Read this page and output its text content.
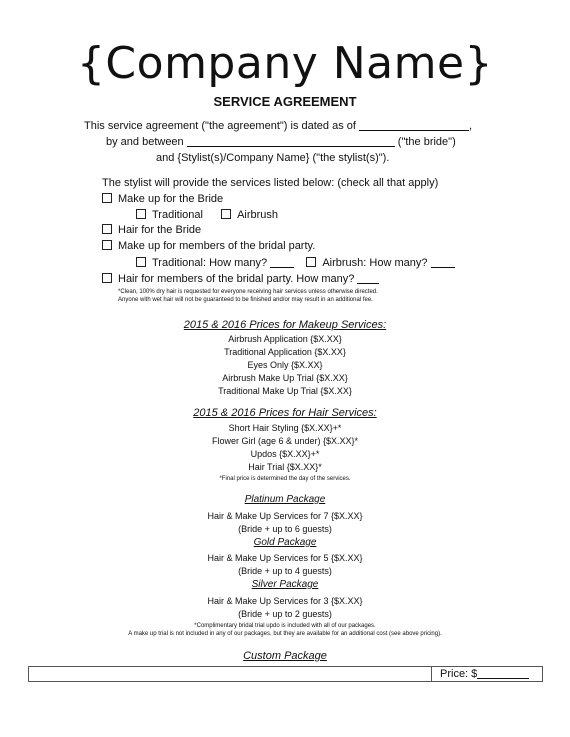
{Company Name}
SERVICE AGREEMENT
This service agreement ("the agreement") is dated as of	,
by and between	("the bride")
and {Stylist(s)/Company Name} ("the stylist(s)").
The stylist will provide the services listed below: (check all that apply)
Make up for the Bride
Traditional	Airbrush
Hair for the Bride
Make up for members of the bridal party.
Traditional: How many?	Airbrush: How many?
Hair for members of the bridal party. How many?
*Clean, 100% dry hair is requested for everyone receiving hair services unless otherwise directed.
Anyone with wet hair will not be guaranteed to be finished and/or may result in an additional fee.
2015 & 2016 Prices for Makeup Services:
Airbrush Application {$X.XX}
Traditional Application {$X.XX}
Eyes Only {$X.XX}
Airbrush Make Up Trial {$X.XX}
Traditional Make Up Trial {$X.XX}
2015 & 2016 Prices for Hair Services:
Short Hair Styling {$X.XX}+*
Flower Girl (age 6 & under) {$X.XX}*
Updos {$X.XX}+*
Hair Trial {$X.XX}*
*Final price is determined the day of the services.
Platinum Package
Hair & Make Up Services for 7 {$X.XX}
(Bride + up to 6 guests)
Gold Package
Hair & Make Up Services for 5 {$X.XX}
(Bride + up to 4 guests)
Silver Package
Hair & Make Up Services for 3 {$X.XX}
(Bride + up to 2 guests)
*Complimentary bridal trial updo is included with all of our packages.
A make up trial is not included in any of our packages, but they are available for an additional cost (see above pricing).
Custom Package
Price: $
